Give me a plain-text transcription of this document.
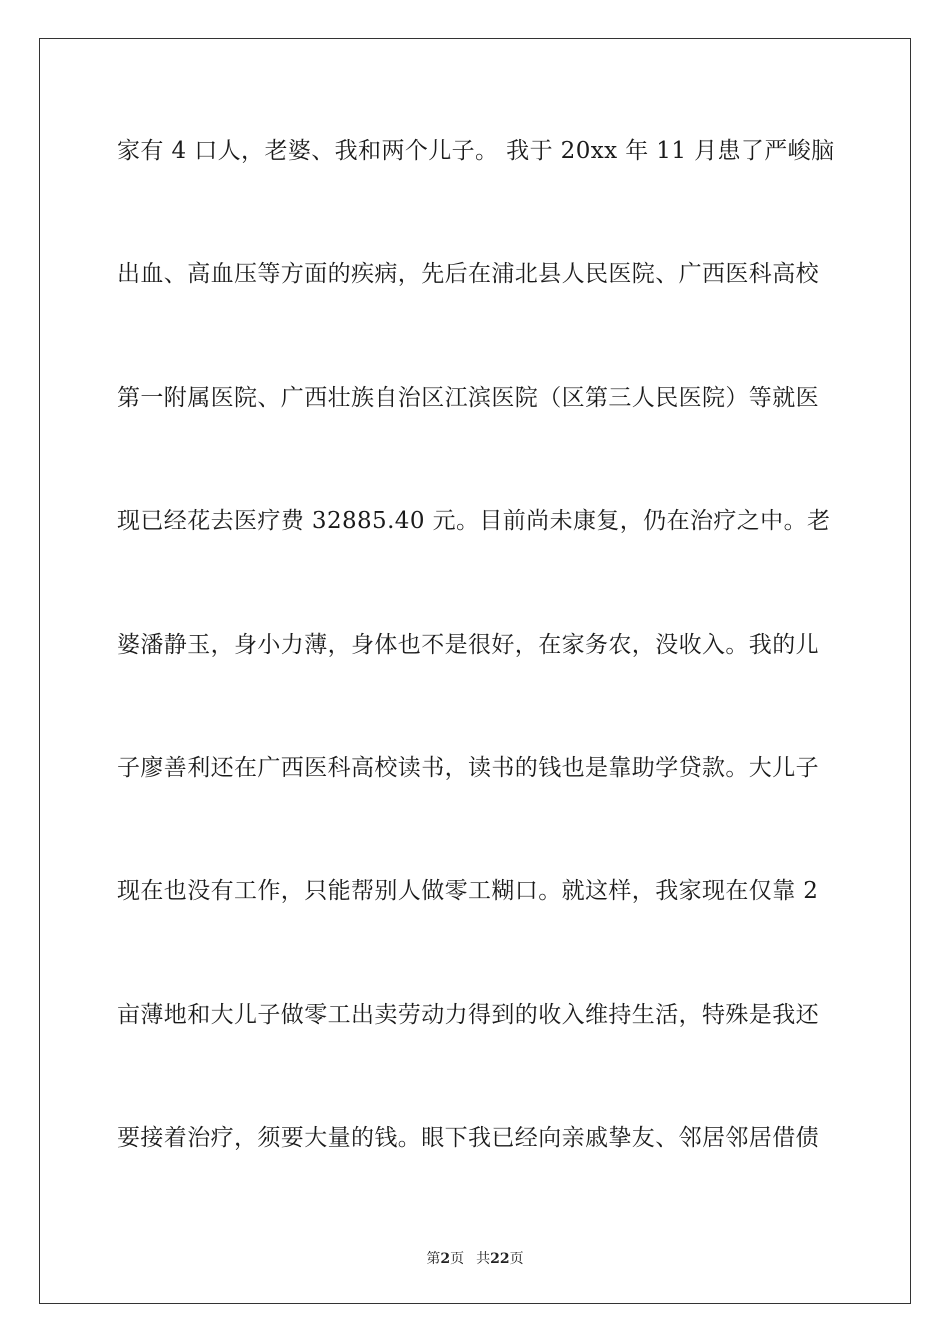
家有 4 口人，老婆、我和两个儿子。 我于 20xx 年 11 月患了严峻脑
出血、高血压等方面的疾病，先后在浦北县人民医院、广西医科高校
第一附属医院、广西壮族自治区江滨医院（区第三人民医院）等就医
现已经花去医疗费 32885.40 元。目前尚未康复，仍在治疗之中。老
婆潘静玉，身小力薄，身体也不是很好，在家务农，没收入。我的儿
子廖善利还在广西医科高校读书，读书的钱也是靠助学贷款。大儿子
现在也没有工作，只能帮别人做零工糊口。就这样，我家现在仅靠 2
亩薄地和大儿子做零工出卖劳动力得到的收入维持生活，特殊是我还
要接着治疗，须要大量的钱。眼下我已经向亲戚挚友、邻居邻居借债
第2页 共22页
